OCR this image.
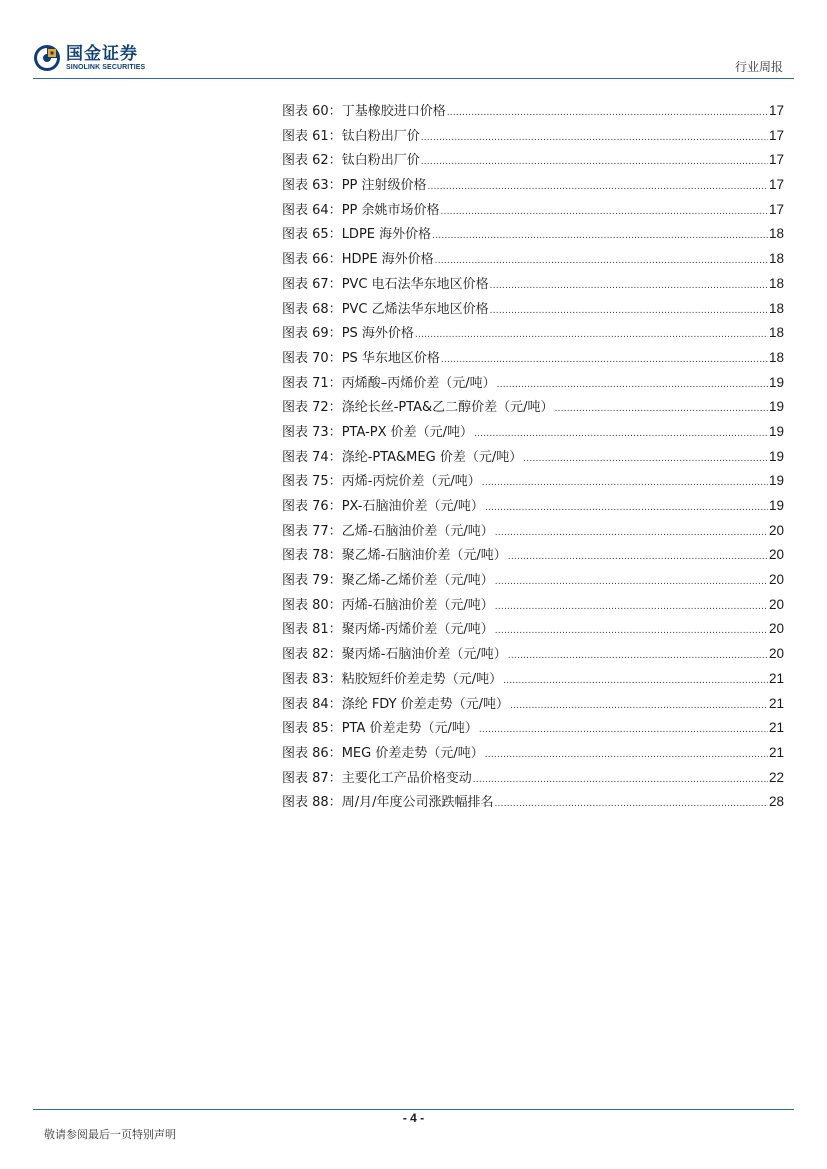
国金证券
SINOLINK SECURITIES	行业周报
图表 60： 丁基橡胶进口价格 .....	17
图表 61： 钛白粉出厂价 .....	17
图表 62： 钛白粉出厂价 .....	17
图表 63： PP 注射级价格 .....	17
图表 64： PP 余姚市场价格 .....	17
图表 65： LDPE 海外价格 .....	18
图表 66： HDPE 海外价格 .....	18
图表 67： PVC 电石法华东地区价格 .....	18
图表 68： PVC 乙烯法华东地区价格 .....	18
图表 69： PS 海外价格 .....	18
图表 70： PS 华东地区价格 .....	18
图表 71： 丙烯酸–丙烯价差（元/吨） .....	19
图表 72： 涤纶长丝-PTA&乙二醇价差（元/吨） .....	19
图表 73： PTA-PX 价差（元/吨） .....	19
图表 74： 涤纶-PTA&MEG 价差（元/吨） .....	19
图表 75： 丙烯-丙烷价差（元/吨） .....	19
图表 76： PX-石脑油价差（元/吨） .....	19
图表 77： 乙烯-石脑油价差（元/吨） .....	20
图表 78： 聚乙烯-石脑油价差（元/吨） .....	20
图表 79： 聚乙烯-乙烯价差（元/吨） .....	20
图表 80： 丙烯-石脑油价差（元/吨） .....	20
图表 81： 聚丙烯-丙烯价差（元/吨） .....	20
图表 82： 聚丙烯-石脑油价差（元/吨） .....	20
图表 83： 粘胶短纤价差走势（元/吨） .....	21
图表 84： 涤纶 FDY 价差走势（元/吨） .....	21
图表 85： PTA 价差走势（元/吨） .....	21
图表 86： MEG 价差走势（元/吨） .....	21
图表 87： 主要化工产品价格变动 .....	22
图表 88： 周/月/年度公司涨跌幅排名 .....	28
- 4 -
敬请参阅最后一页特别声明
